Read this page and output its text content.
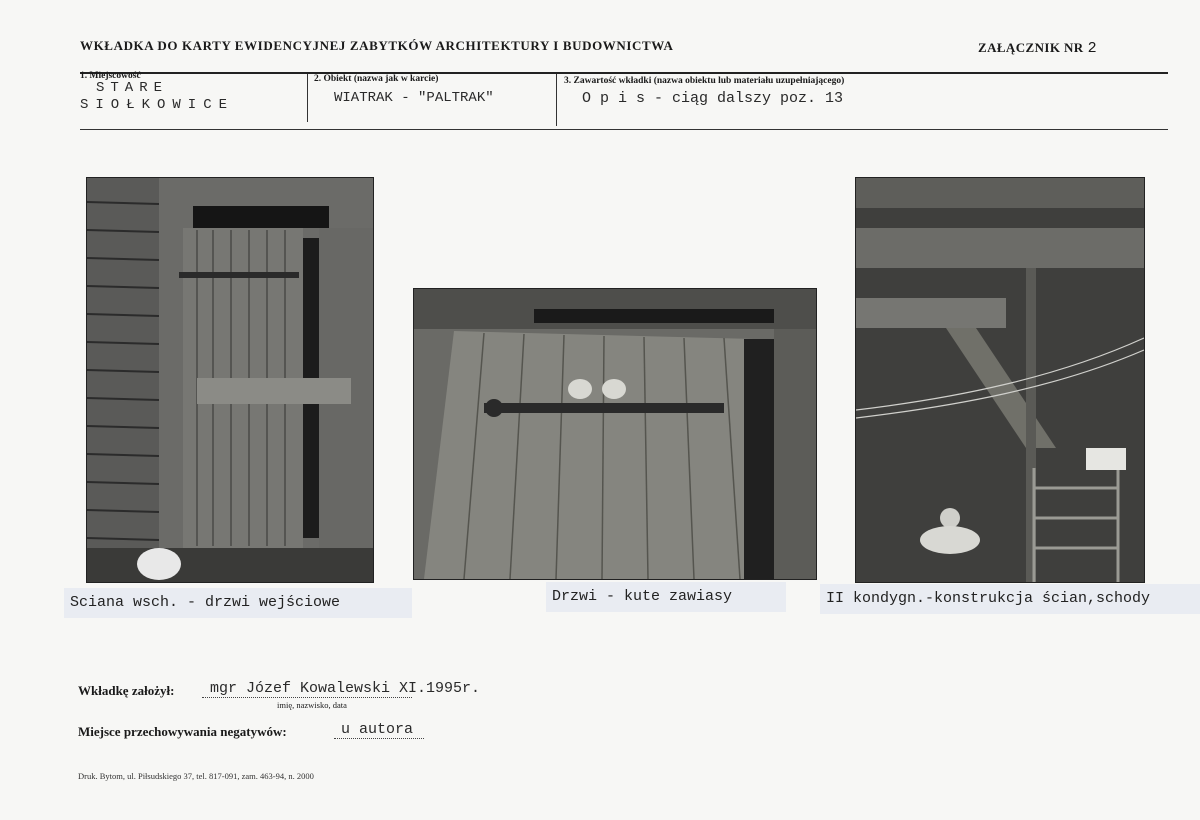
WKŁADKA DO KARTY EWIDENCYJNEJ ZABYTKÓW ARCHITEKTURY I BUDOWNICTWA	ZAŁĄCZNIK NR 2
1. Miejscowość
STARE
SIOŁKOWICE
2. Obiekt (nazwa jak w karcie)
WIATRAK - "PALTRAK"
3. Zawartość wkładki (nazwa obiektu lub materiału uzupełniającego)
O p i s - ciąg dalszy poz. 13
Sciana wsch. - drzwi wejściowe	Drzwi - kute zawiasy	II kondygn.-konstrukcja ścian,schody
Wkładkę założył: mgr Józef Kowalewski XI.1995r.
imię, nazwisko, data
Miejsce przechowywania negatywów:	u autora
Druk. Bytom, ul. Piłsudskiego 37, tel. 817-091, zam. 463-94, n. 2000
